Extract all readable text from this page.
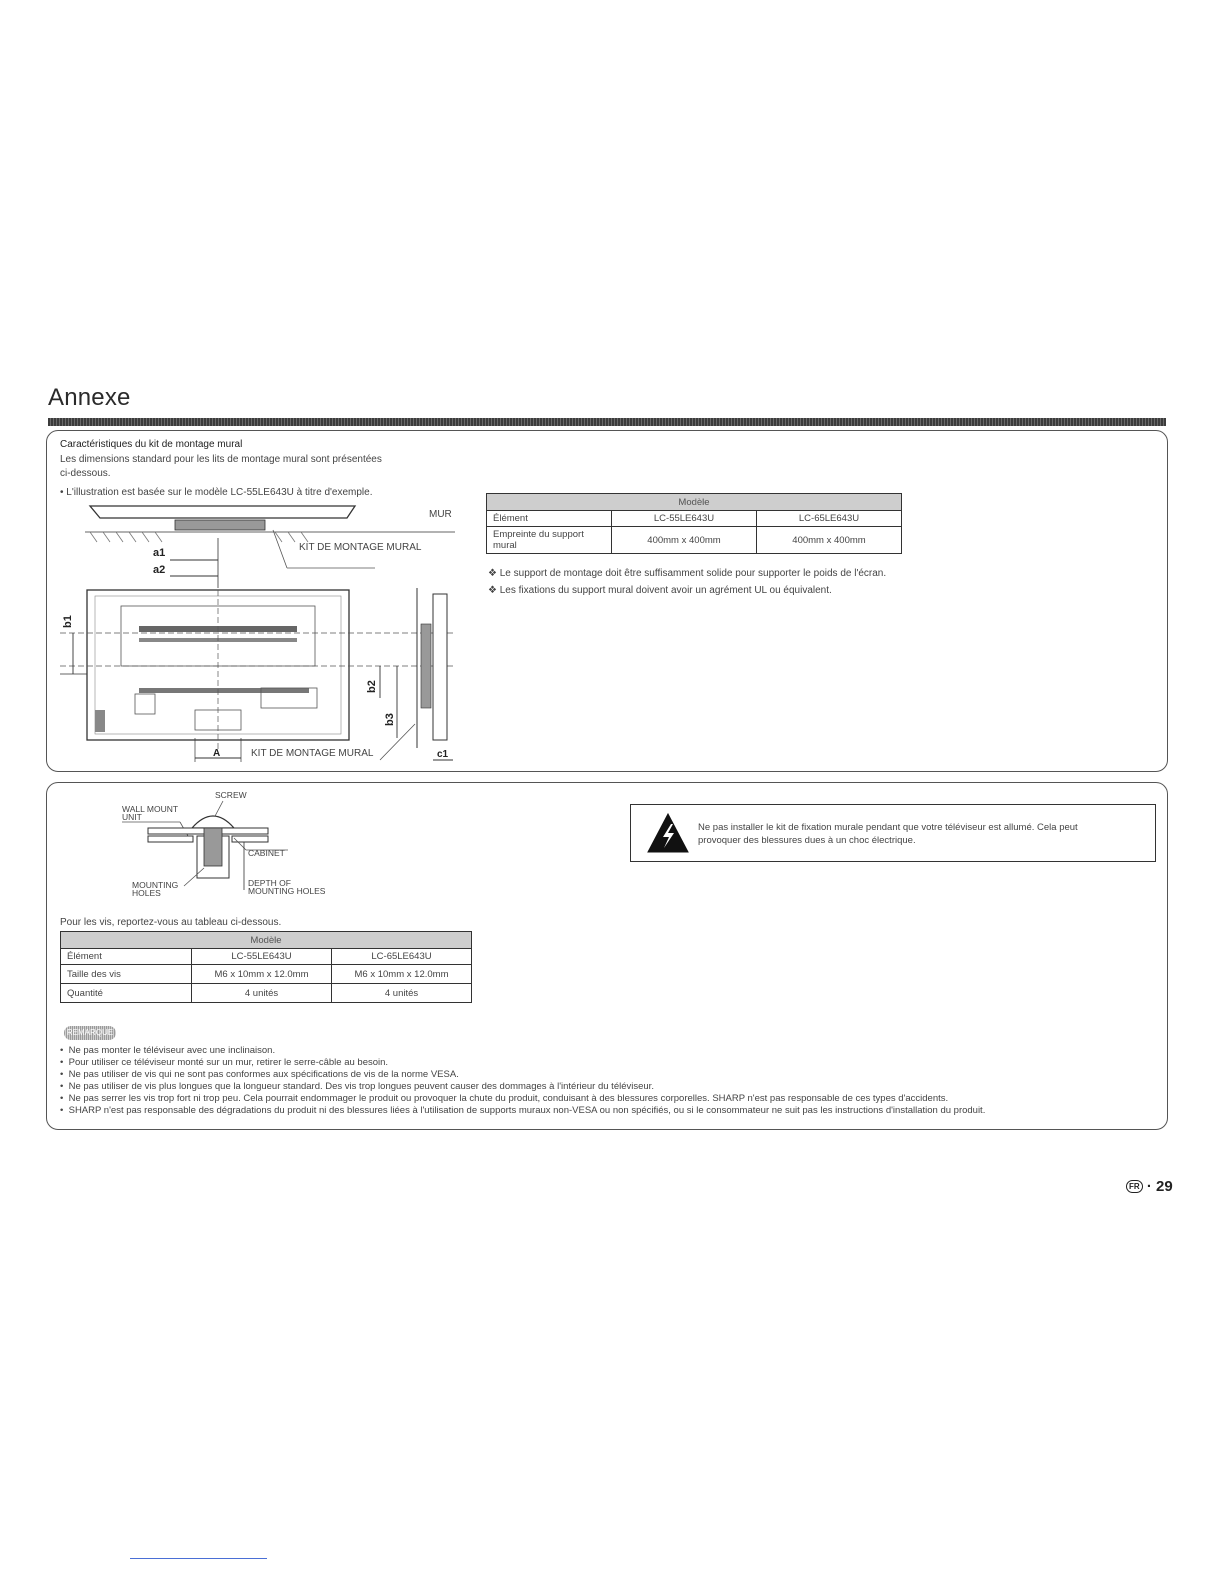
Annexe
Caractéristiques du kit de montage mural
Les dimensions standard pour les lits de montage mural sont présentées
ci-dessous.
• L'illustration est basée sur le modèle LC-55LE643U à titre d'exemple.
MUR
KIT DE MONTAGE MURAL
a1
a2
b1
b2
b3
A	KIT DE MONTAGE MURAL	c1
Modèle		
Élément	LC-55LE643U	LC-65LE643U
Empreinte du support
mural	400mm x 400mm	400mm x 400mm
❖ Le support de montage doit être suffisamment solide pour supporter le poids de l'écran.
❖ Les fixations du support mural doivent avoir un agrément UL ou équivalent.
SCREW
WALL MOUNT
UNIT
CABINET
MOUNTING
HOLES
DEPTH OF
MOUNTING HOLES
Pour les vis, reportez-vous au tableau ci-dessous.
Modèle		
Élément	LC-55LE643U	LC-65LE643U
Taille des vis	M6 x 10mm x 12.0mm	M6 x 10mm x 12.0mm
Quantité	4 unités	4 unités
Ne pas installer le kit de fixation murale pendant que votre téléviseur est allumé. Cela peut
provoquer des blessures dues à un choc électrique.
REMARQUE
•  Ne pas monter le téléviseur avec une inclinaison.
•  Pour utiliser ce téléviseur monté sur un mur, retirer le serre-câble au besoin.
•  Ne pas utiliser de vis qui ne sont pas conformes aux spécifications de vis de la norme VESA.
•  Ne pas utiliser de vis plus longues que la longueur standard. Des vis trop longues peuvent causer des dommages à l'intérieur du téléviseur.
•  Ne pas serrer les vis trop fort ni trop peu. Cela pourrait endommager le produit ou provoquer la chute du produit, conduisant à des blessures corporelles. SHARP n'est pas responsable de ces types d'accidents.
•  SHARP n'est pas responsable des dégradations du produit ni des blessures liées à l'utilisation de supports muraux non-VESA ou non spécifiés, ou si le consommateur ne suit pas les instructions d'installation du produit.
FR · 29
